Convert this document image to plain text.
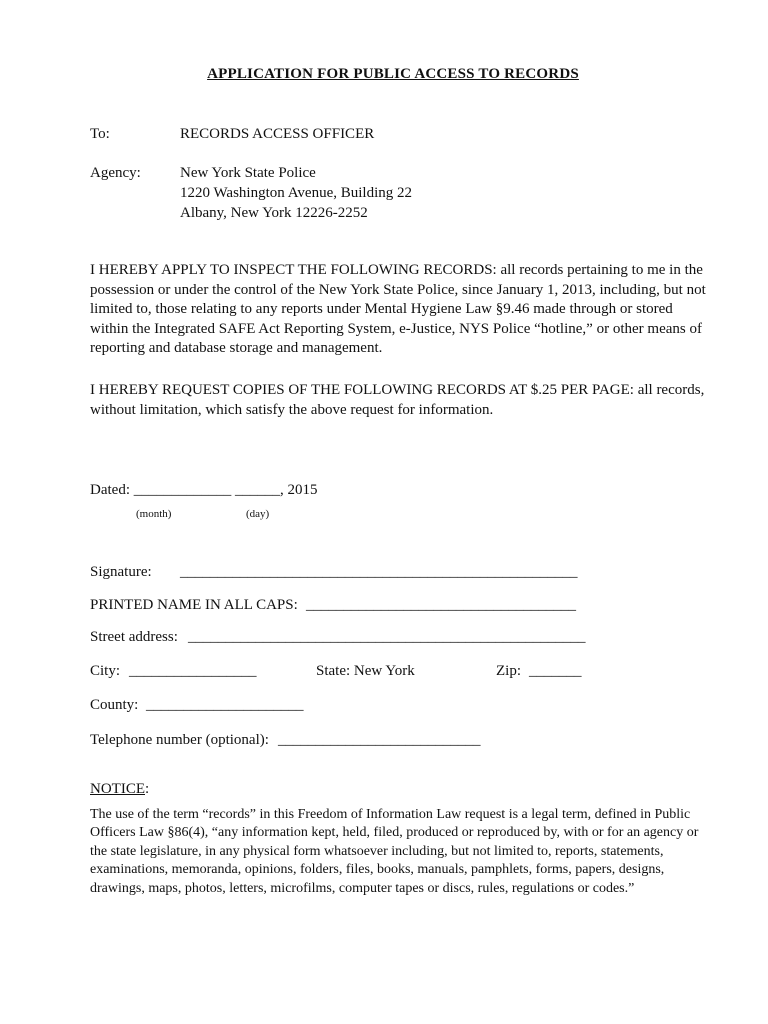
APPLICATION FOR PUBLIC ACCESS TO RECORDS
To:	RECORDS ACCESS OFFICER
Agency:	New York State Police
1220 Washington Avenue, Building 22
Albany, New York 12226-2252
I HEREBY APPLY TO INSPECT THE FOLLOWING RECORDS: all records pertaining to me in the possession or under the control of the New York State Police, since January 1, 2013, including, but not limited to, those relating to any reports under Mental Hygiene Law §9.46 made through or stored within the Integrated SAFE Act Reporting System, e-Justice, NYS Police “hotline,” or other means of reporting and database storage and management.
I HEREBY REQUEST COPIES OF THE FOLLOWING RECORDS AT $.25 PER PAGE: all records, without limitation, which satisfy the above request for information.
Dated: _____________ ______, 2015
(month)	(day)
Signature: _____________________________________________________
PRINTED NAME IN ALL CAPS: ____________________________________
Street address: _____________________________________________________
City: _________________	State: New York	Zip: _______
County: _____________________
Telephone number (optional): ___________________________
NOTICE:
The use of the term “records” in this Freedom of Information Law request is a legal term, defined in Public Officers Law §86(4), “any information kept, held, filed, produced or reproduced by, with or for an agency or the state legislature, in any physical form whatsoever including, but not limited to, reports, statements, examinations, memoranda, opinions, folders, files, books, manuals, pamphlets, forms, papers, designs, drawings, maps, photos, letters, microfilms, computer tapes or discs, rules, regulations or codes.”
